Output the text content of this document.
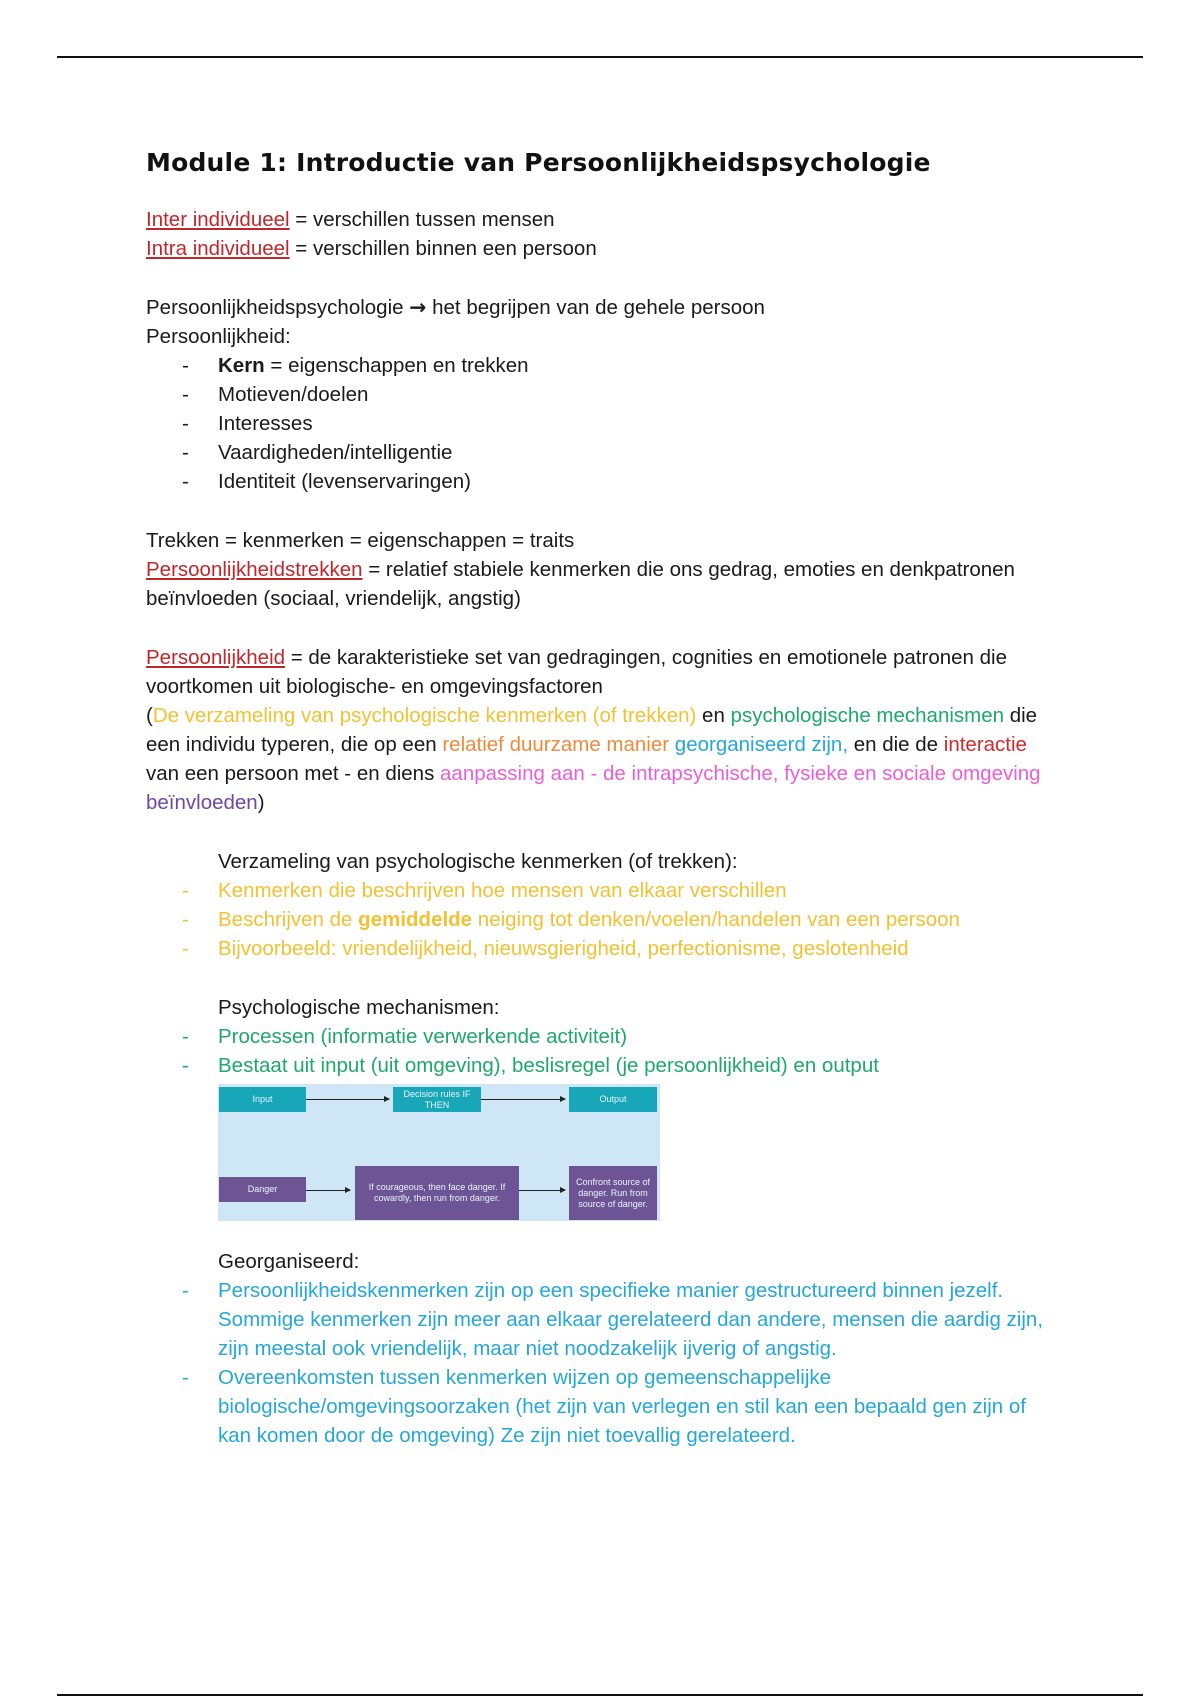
Module 1: Introductie van Persoonlijkheidspsychologie

Inter individueel = verschillen tussen mensen

Intra individueel = verschillen binnen een persoon

Persoonlijkheidspsychologie → het begrijpen van de gehele persoon

Persoonlijkheid:

- Kern = eigenschappen en trekken
- Motieven/doelen
- Interesses
- Vaardigheden/intelligentie
- Identiteit (levenservaringen)

Trekken = kenmerken = eigenschappen = traits

Persoonlijkheidstrekken = relatief stabiele kenmerken die ons gedrag, emoties en denkpatronen beïnvloeden (sociaal, vriendelijk, angstig)

Persoonlijkheid = de karakteristieke set van gedragingen, cognities en emotionele patronen die voortkomen uit biologische- en omgevingsfactoren

(De verzameling van psychologische kenmerken (of trekken) en psychologische mechanismen die een individu typeren, die op een relatief duurzame manier georganiseerd zijn, en die de interactie van een persoon met - en diens aanpassing aan - de intrapsychische, fysieke en sociale omgeving beïnvloeden)

Verzameling van psychologische kenmerken (of trekken):

- Kenmerken die beschrijven hoe mensen van elkaar verschillen
- Beschrijven de gemiddelde neiging tot denken/voelen/handelen van een persoon
- Bijvoorbeeld: vriendelijkheid, nieuwsgierigheid, perfectionisme, geslotenheid

Psychologische mechanismen:

- Processen (informatie verwerkende activiteit)
- Bestaat uit input (uit omgeving), beslisregel (je persoonlijkheid) en output
Input
Decision rules IF THEN
Output
Danger	If courageous, then face danger. If cowardly, then run from danger.
Confront source of danger. Run from source of danger.

Georganiseerd:

- Persoonlijkheidskenmerken zijn op een specifieke manier gestructureerd binnen jezelf. Sommige kenmerken zijn meer aan elkaar gerelateerd dan andere, mensen die aardig zijn, zijn meestal ook vriendelijk, maar niet noodzakelijk ijverig of angstig.
- Overeenkomsten tussen kenmerken wijzen op gemeenschappelijke biologische/omgevingsoorzaken (het zijn van verlegen en stil kan een bepaald gen zijn of kan komen door de omgeving) Ze zijn niet toevallig gerelateerd.
